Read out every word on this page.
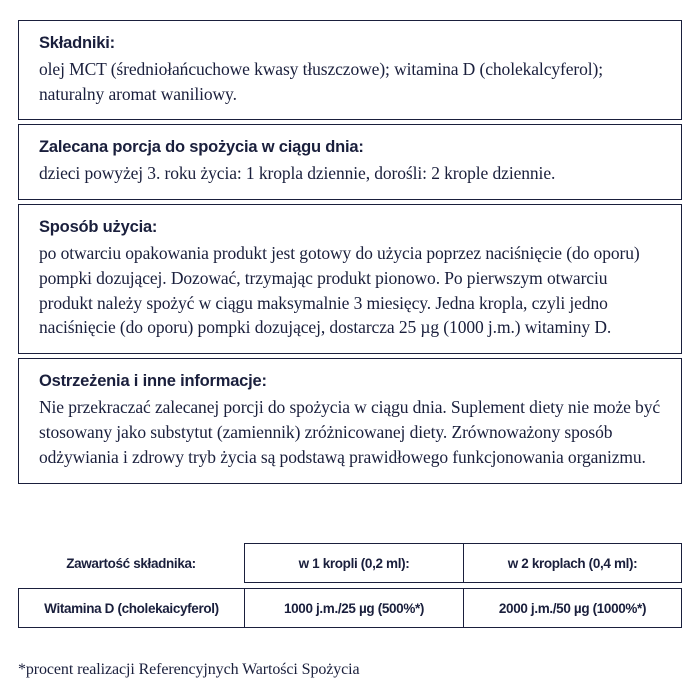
Składniki:

olej MCT (średniołańcuchowe kwasy tłuszczowe); witamina D (cholekalcyferol); naturalny aromat waniliowy.

Zalecana porcja do spożycia w ciągu dnia:

dzieci powyżej 3. roku życia: 1 kropla dziennie, dorośli: 2 krople dziennie.

Sposób użycia:

po otwarciu opakowania produkt jest gotowy do użycia poprzez naciśnięcie (do oporu) pompki dozującej. Dozować, trzymając produkt pionowo. Po pierwszym otwarciu produkt należy spożyć w ciągu maksymalnie 3 miesięcy. Jedna kropla, czyli jedno naciśnięcie (do oporu) pompki dozującej, dostarcza 25 µg (1000 j.m.) witaminy D.

Ostrzeżenia i inne informacje:

Nie przekraczać zalecanej porcji do spożycia w ciągu dnia. Suplement diety nie może być stosowany jako substytut (zamiennik) zróżnicowanej diety. Zrównoważony sposób odżywiania i zdrowy tryb życia są podstawą prawidłowego funkcjonowania organizmu.

Zawartość składnika:	w 1 kropli (0,2 ml):	w 2 kroplach (0,4 ml):

Witamina D (cholekaicyferol)	1000 j.m./25 µg (500%*)	2000 j.m./50 µg (1000%*)
*procent realizacji Referencyjnych Wartości Spożycia
